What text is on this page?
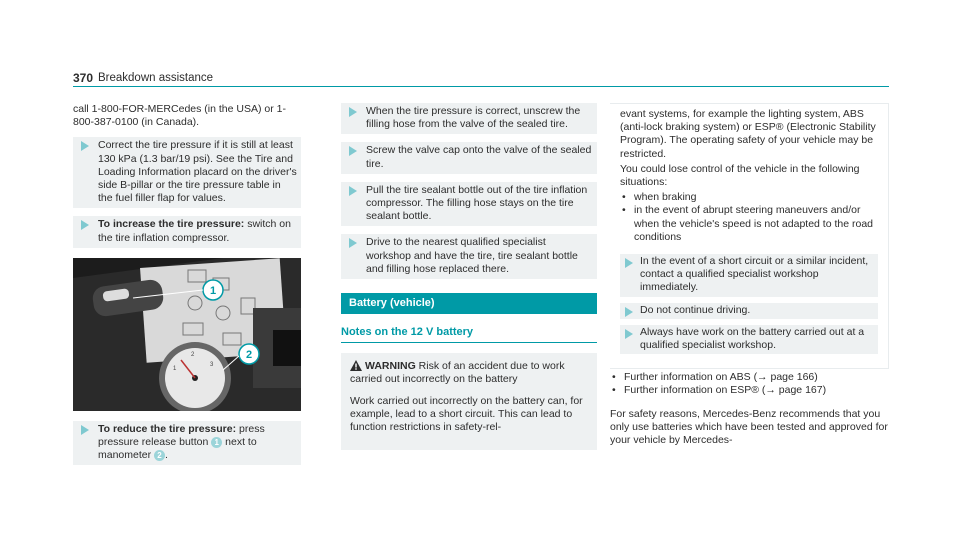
370 Breakdown assistance

call 1-800-FOR-MERCedes (in the USA) or 1-800-387-0100 (in Canada).

Correct the tire pressure if it is still at least 130 kPa (1.3 bar/19 psi). See the Tire and Loading Information placard on the driver's side B-pillar or the tire pressure table in the fuel filler flap for values.
To increase the tire pressure: switch on the tire inflation compressor.
1
2
3
1
2
To reduce the tire pressure: press pressure release button 1 next to manometer 2 .
When the tire pressure is correct, unscrew the filling hose from the valve of the sealed tire.
Screw the valve cap onto the valve of the sealed tire.
Pull the tire sealant bottle out of the tire inflation compressor. The filling hose stays on the tire sealant bottle.
Drive to the nearest qualified specialist workshop and have the tire, tire sealant bottle and filling hose replaced there.
Battery (vehicle)
Notes on the 12 V battery

WARNING Risk of an accident due to work carried out incorrectly on the battery

Work carried out incorrectly on the battery can, for example, lead to a short circuit. This can lead to function restrictions in safety-rel-

evant systems, for example the lighting system, ABS (anti-lock braking system) or ESP® (Electronic Stability Program). The operating safety of your vehicle may be restricted.

You could lose control of the vehicle in the following situations:

• when braking
• in the event of abrupt steering maneuvers and/or when the vehicle's speed is not adapted to the road conditions
In the event of a short circuit or a similar incident, contact a qualified specialist workshop immediately.
Do not continue driving.
Always have work on the battery carried out at a qualified specialist workshop.
• Further information on ABS (→ page 166)
• Further information on ESP® (→ page 167)

For safety reasons, Mercedes-Benz recommends that you only use batteries which have been tested and approved for your vehicle by Mercedes-
